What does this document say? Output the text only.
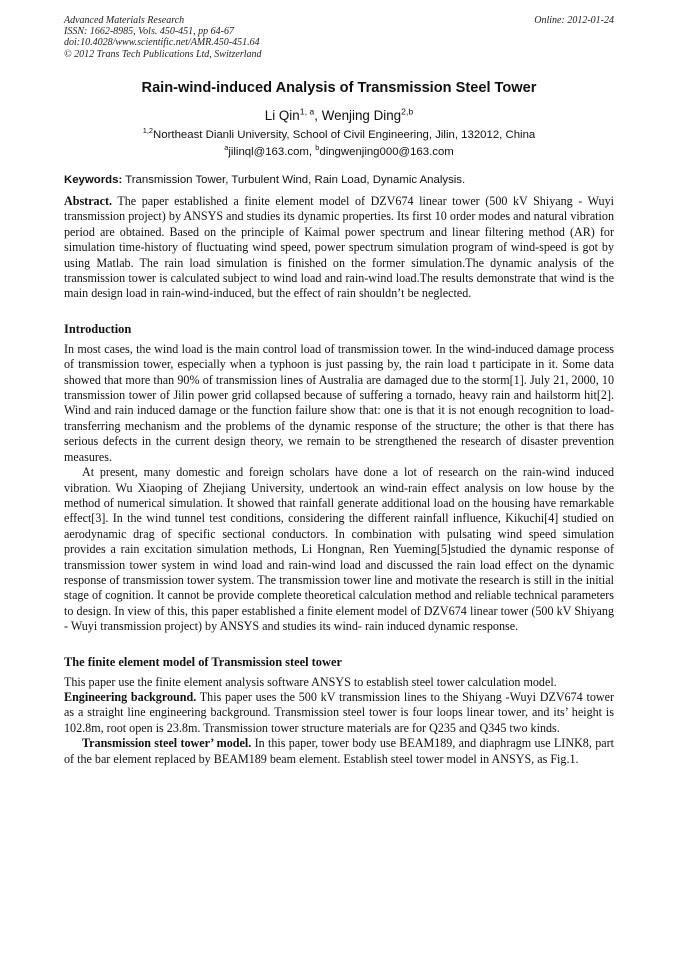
Advanced Materials Research
ISSN: 1662-8985, Vols. 450-451, pp 64-67
doi:10.4028/www.scientific.net/AMR.450-451.64
© 2012 Trans Tech Publications Ltd, Switzerland
Online: 2012-01-24
Rain-wind-induced Analysis of Transmission Steel Tower
Li Qin$^{1, a}$, Wenjing Ding$^{2,b}$
$^{1,2}$Northeast Dianli University, School of Civil Engineering, Jilin, 132012, China
$^a$jilinql@163.com, $^b$dingwenjing000@163.com
Keywords: Transmission Tower, Turbulent Wind, Rain Load, Dynamic Analysis.

Abstract. The paper established a finite element model of DZV674 linear tower (500 kV Shiyang - Wuyi transmission project) by ANSYS and studies its dynamic properties. Its first 10 order modes and natural vibration period are obtained. Based on the principle of Kaimal power spectrum and linear filtering method (AR) for simulation time-history of fluctuating wind speed, power spectrum simulation program of wind-speed is got by using Matlab. The rain load simulation is finished on the former simulation.The dynamic analysis of the transmission tower is calculated subject to wind load and rain-wind load.The results demonstrate that wind is the main design load in rain-wind-induced, but the effect of rain shouldn’t be neglected.

Introduction

In most cases, the wind load is the main control load of transmission tower. In the wind-induced damage process of transmission tower, especially when a typhoon is just passing by, the rain load t participate in it. Some data showed that more than 90% of transmission lines of Australia are damaged due to the storm[1]. July 21, 2000, 10 transmission tower of Jilin power grid collapsed because of suffering a tornado, heavy rain and hailstorm hit[2]. Wind and rain induced damage or the function failure show that: one is that it is not enough recognition to load-transferring mechanism and the problems of the dynamic response of the structure; the other is that there has serious defects in the current design theory, we remain to be strengthened the research of disaster prevention measures.

At present, many domestic and foreign scholars have done a lot of research on the rain-wind induced vibration. Wu Xiaoping of Zhejiang University, undertook an wind-rain effect analysis on low house by the method of numerical simulation. It showed that rainfall generate additional load on the housing have remarkable effect[3]. In the wind tunnel test conditions, considering the different rainfall influence, Kikuchi[4] studied on aerodynamic drag of specific sectional conductors. In combination with pulsating wind speed simulation provides a rain excitation simulation methods, Li Hongnan, Ren Yueming[5]studied the dynamic response of transmission tower system in wind load and rain-wind load and discussed the rain load effect on the dynamic response of transmission tower system. The transmission tower line and motivate the research is still in the initial stage of cognition. It cannot be provide complete theoretical calculation method and reliable technical parameters to design. In view of this, this paper established a finite element model of DZV674 linear tower (500 kV Shiyang - Wuyi transmission project) by ANSYS and studies its wind- rain induced dynamic response.

The finite element model of Transmission steel tower

This paper use the finite element analysis software ANSYS to establish steel tower calculation model.

Engineering background. This paper uses the 500 kV transmission lines to the Shiyang -Wuyi DZV674 tower as a straight line engineering background. Transmission steel tower is four loops linear tower, and its’ height is 102.8m, root open is 23.8m. Transmission tower structure materials are for Q235 and Q345 two kinds.

Transmission steel tower’ model. In this paper, tower body use BEAM189, and diaphragm use LINK8, part of the bar element replaced by BEAM189 beam element. Establish steel tower model in ANSYS, as Fig.1.
